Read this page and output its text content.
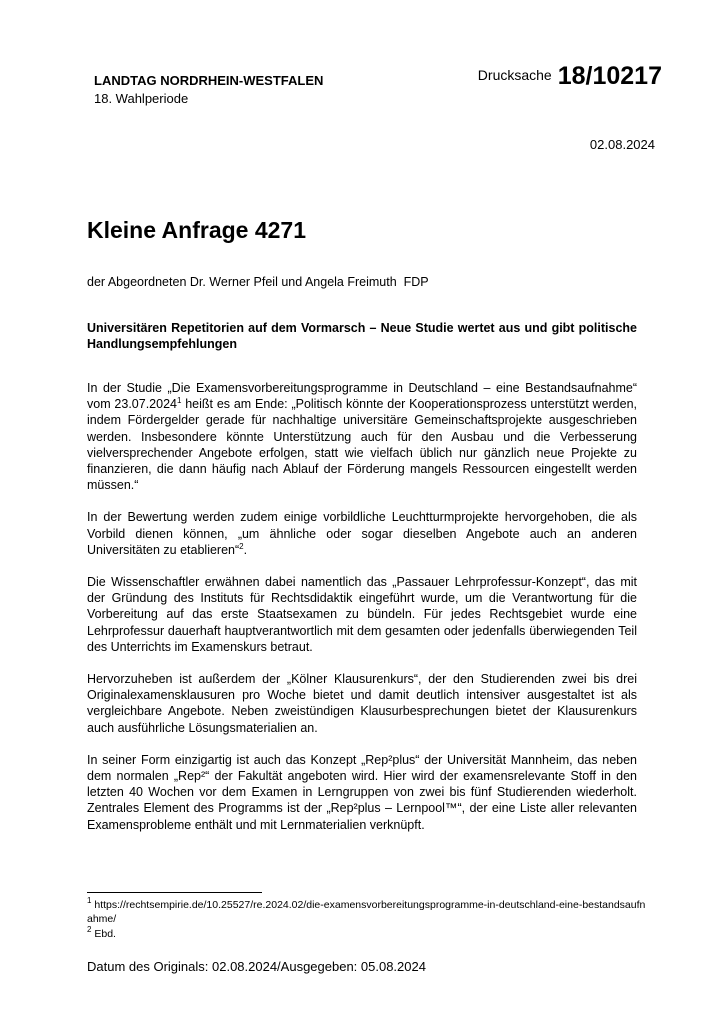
LANDTAG NORDRHEIN-WESTFALEN
18. Wahlperiode
Drucksache 18/10217
02.08.2024
Kleine Anfrage 4271
der Abgeordneten Dr. Werner Pfeil und Angela Freimuth  FDP

Universitären Repetitorien auf dem Vormarsch – Neue Studie wertet aus und gibt politische Handlungsempfehlungen

In der Studie „Die Examensvorbereitungsprogramme in Deutschland – eine Bestandsaufnahme“ vom 23.07.2024$^1$ heißt es am Ende: „Politisch könnte der Kooperationsprozess unterstützt werden, indem Fördergelder gerade für nachhaltige universitäre Gemeinschaftsprojekte ausgeschrieben werden. Insbesondere könnte Unterstützung auch für den Ausbau und die Verbesserung vielversprechender Angebote erfolgen, statt wie vielfach üblich nur gänzlich neue Projekte zu finanzieren, die dann häufig nach Ablauf der Förderung mangels Ressourcen eingestellt werden müssen.“

In der Bewertung werden zudem einige vorbildliche Leuchtturmprojekte hervorgehoben, die als Vorbild dienen können, „um ähnliche oder sogar dieselben Angebote auch an anderen Universitäten zu etablieren“$^2$.

Die Wissenschaftler erwähnen dabei namentlich das „Passauer Lehrprofessur-Konzept“, das mit der Gründung des Instituts für Rechtsdidaktik eingeführt wurde, um die Verantwortung für die Vorbereitung auf das erste Staatsexamen zu bündeln. Für jedes Rechtsgebiet wurde eine Lehrprofessur dauerhaft hauptverantwortlich mit dem gesamten oder jedenfalls überwiegenden Teil des Unterrichts im Examenskurs betraut.

Hervorzuheben ist außerdem der „Kölner Klausurenkurs“, der den Studierenden zwei bis drei Originalexamensklausuren pro Woche bietet und damit deutlich intensiver ausgestaltet ist als vergleichbare Angebote. Neben zweistündigen Klausurbesprechungen bietet der Klausurenkurs auch ausführliche Lösungsmaterialien an.

In seiner Form einzigartig ist auch das Konzept „Rep²plus“ der Universität Mannheim, das neben dem normalen „Rep²“ der Fakultät angeboten wird. Hier wird der examensrelevante Stoff in den letzten 40 Wochen vor dem Examen in Lerngruppen von zwei bis fünf Studierenden wiederholt. Zentrales Element des Programms ist der „Rep²plus – Lernpool™“, der eine Liste aller relevanten Examensprobleme enthält und mit Lernmaterialien verknüpft.

$^1$ https://rechtsempirie.de/10.25527/re.2024.02/die-examensvorbereitungsprogramme-in-deutschland-eine-bestandsaufnahme/
$^2$ Ebd.
Datum des Originals: 02.08.2024/Ausgegeben: 05.08.2024
